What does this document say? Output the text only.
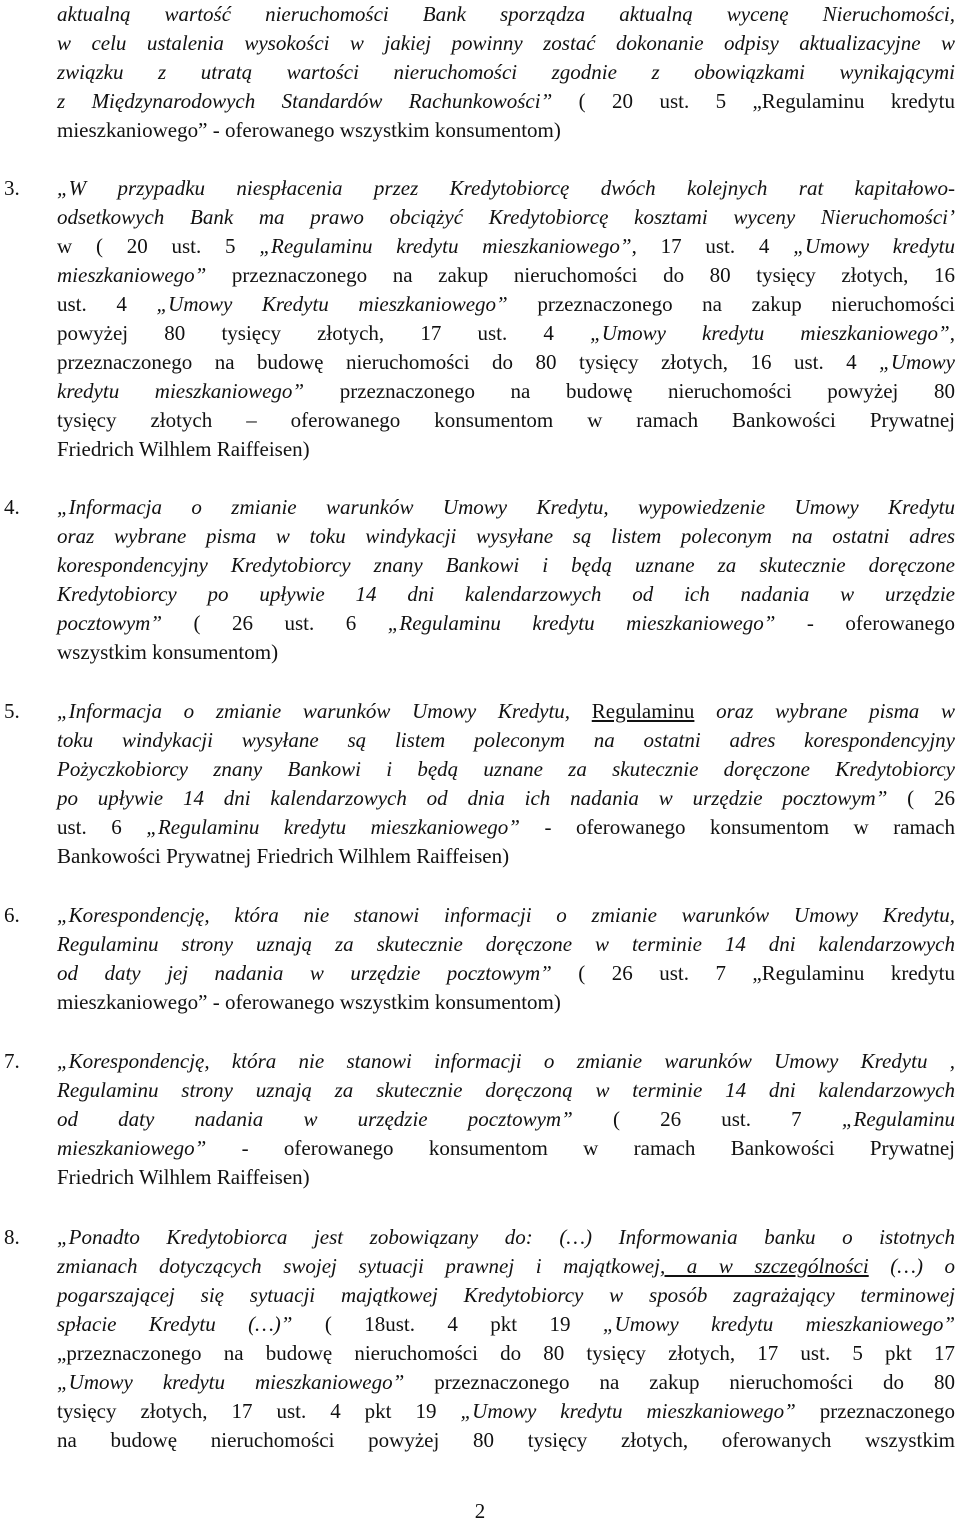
aktualną wartość nieruchomości Bank sporządza aktualną wycenę Nieruchomości,
w celu ustalenia wysokości w jakiej powinny zostać dokonanie odpisy aktualizacyjne w
związku z utratą wartości nieruchomości zgodnie z obowiązkami wynikającymi
z Międzynarodowych Standardów Rachunkowości” ( 20 ust. 5 „Regulaminu kredytu
mieszkaniowego” - oferowanego wszystkim konsumentom)
3.	„W przypadku niespłacenia przez Kredytobiorcę dwóch kolejnych rat kapitałowo-
odsetkowych Bank ma prawo obciążyć Kredytobiorcę kosztami wyceny Nieruchomości’
w ( 20 ust. 5 „Regulaminu kredytu mieszkaniowego”, 17 ust. 4 „Umowy kredytu
mieszkaniowego” przeznaczonego na zakup nieruchomości do 80 tysięcy złotych, 16
ust. 4 „Umowy Kredytu mieszkaniowego” przeznaczonego na zakup nieruchomości
powyżej 80 tysięcy złotych, 17 ust. 4 „Umowy kredytu mieszkaniowego”,
przeznaczonego na budowę nieruchomości do 80 tysięcy złotych, 16 ust. 4 „Umowy
kredytu mieszkaniowego” przeznaczonego na budowę nieruchomości powyżej 80
tysięcy złotych – oferowanego konsumentom w ramach Bankowości Prywatnej
Friedrich Wilhlem Raiffeisen)
4.	„Informacja o zmianie warunków Umowy Kredytu, wypowiedzenie Umowy Kredytu
oraz wybrane pisma w toku windykacji wysyłane są listem poleconym na ostatni adres
korespondencyjny Kredytobiorcy znany Bankowi i będą uznane za skutecznie doręczone
Kredytobiorcy po upływie 14 dni kalendarzowych od ich nadania w urzędzie
pocztowym” ( 26 ust. 6 „Regulaminu kredytu mieszkaniowego” - oferowanego
wszystkim konsumentom)
5.	„Informacja o zmianie warunków Umowy Kredytu, Regulaminu oraz wybrane pisma w
toku windykacji wysyłane są listem poleconym na ostatni adres korespondencyjny
Pożyczkobiorcy znany Bankowi i będą uznane za skutecznie doręczone Kredytobiorcy
po upływie 14 dni kalendarzowych od dnia ich nadania w urzędzie pocztowym” ( 26
ust. 6 „Regulaminu kredytu mieszkaniowego” - oferowanego konsumentom w ramach
Bankowości Prywatnej Friedrich Wilhlem Raiffeisen)
6.	„Korespondencję, która nie stanowi informacji o zmianie warunków Umowy Kredytu,
Regulaminu strony uznają za skutecznie doręczone w terminie 14 dni kalendarzowych
od daty jej nadania w urzędzie pocztowym” ( 26 ust. 7 „Regulaminu kredytu
mieszkaniowego” - oferowanego wszystkim konsumentom)
7.	„Korespondencję, która nie stanowi informacji o zmianie warunków Umowy Kredytu ,
Regulaminu strony uznają za skutecznie doręczoną w terminie 14 dni kalendarzowych
od daty nadania w urzędzie pocztowym” ( 26 ust. 7 „Regulaminu
mieszkaniowego” - oferowanego konsumentom w ramach Bankowości Prywatnej
Friedrich Wilhlem Raiffeisen)
8.	„Ponadto Kredytobiorca jest zobowiązany do: (…) Informowania banku o istotnych
zmianach dotyczących swojej sytuacji prawnej i majątkowej, a w szczególności (…) o
pogarszającej się sytuacji majątkowej Kredytobiorcy w sposób zagrażający terminowej
spłacie Kredytu (…)” ( 18ust. 4 pkt 19 „Umowy kredytu mieszkaniowego”
„przeznaczonego na budowę nieruchomości do 80 tysięcy złotych, 17 ust. 5 pkt 17
„Umowy kredytu mieszkaniowego” przeznaczonego na zakup nieruchomości do 80
tysięcy złotych, 17 ust. 4 pkt 19 „Umowy kredytu mieszkaniowego” przeznaczonego
na budowę nieruchomości powyżej 80 tysięcy złotych, oferowanych wszystkim
2
